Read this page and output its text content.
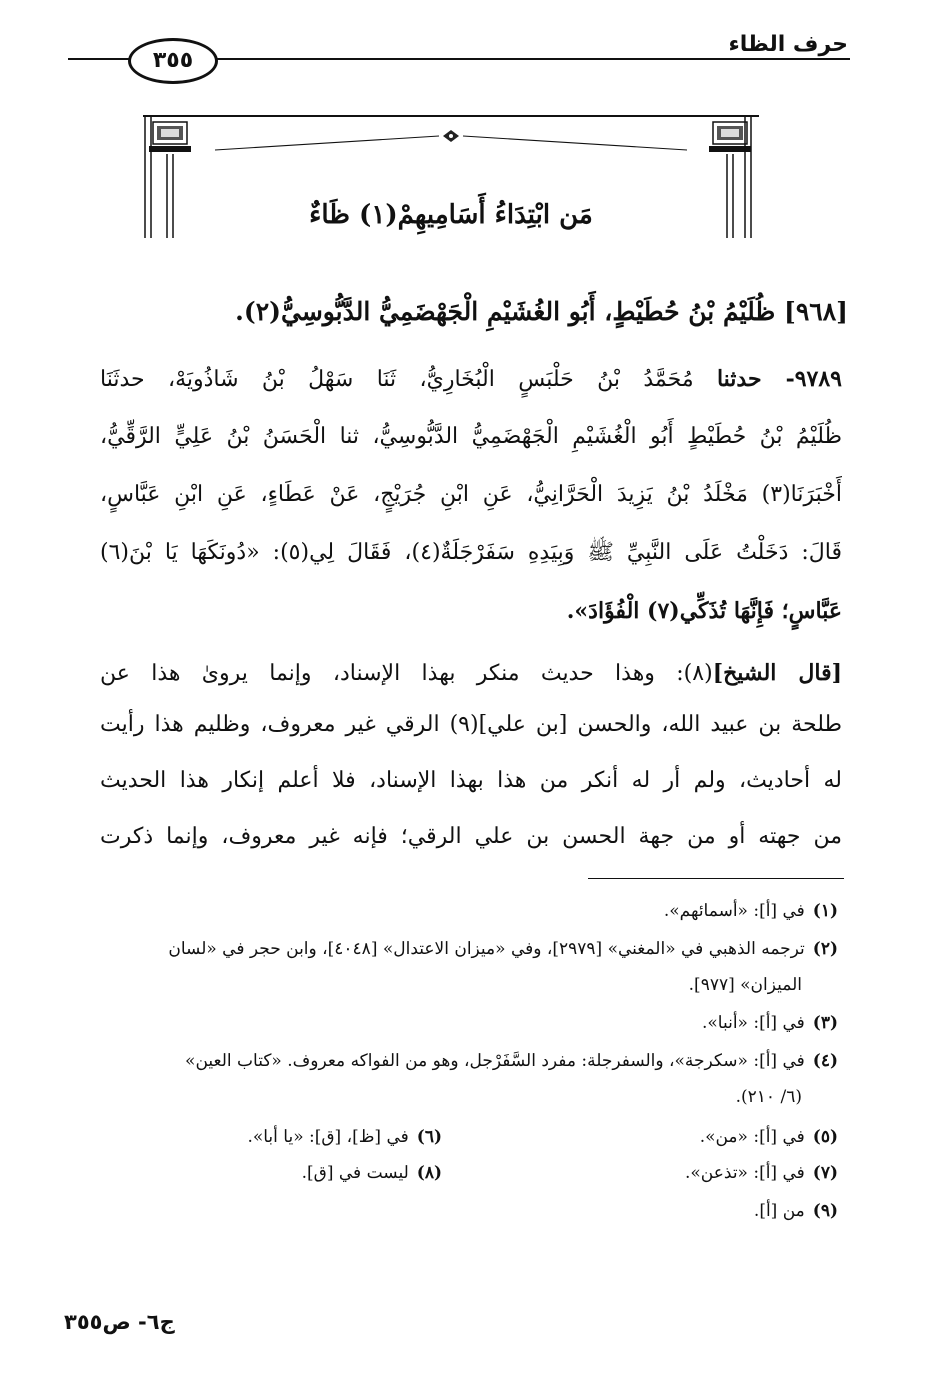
حرف الظاء
٣٥٥
مَن ابْتِدَاءُ أَسَامِيهِمْ(١) ظَاءٌ
[٩٦٨] ظُلَيْمُ بْنُ حُطَيْطٍ، أَبُو الغُشَيْمِ الْجَهْضَمِيُّ الدَّبُّوسِيُّ(٢).
٩٧٨٩- حدثنا مُحَمَّدُ بْنُ حَلْبَسٍ الْبُخَارِيُّ، ثَنَا سَهْلُ بْنُ شَاذُويَهْ، حدثَنَا
ظُلَيْمُ بْنُ حُطَيْطٍ أَبُو الْغُشَيْمِ الْجَهْضَمِيُّ الدَّبُّوسِيُّ، ثنا الْحَسَنُ بْنُ عَلِيٍّ الرَّقِّيُّ،
أَخْبَرَنَا(٣) مَخْلَدُ بْنُ يَزِيدَ الْحَرَّانِيُّ، عَنِ ابْنِ جُرَيْجٍ، عَنْ عَطَاءٍ، عَنِ ابْنِ عَبَّاسٍ،
قَالَ: دَخَلْتُ عَلَى النَّبِيِّ ﷺ وَبِيَدِهِ سَفَرْجَلَةٌ(٤)، فَقَالَ لِي(٥): «دُونَكَهَا يَا بْنَ(٦)
عَبَّاسٍ؛ فَإِنَّهَا تُذَكِّي(٧) الْفُؤَادَ».
[قال الشيخ](٨): وهذا حديث منكر بهذا الإسناد، وإنما يروىٰ هذا عن
طلحة بن عبيد الله، والحسن [بن علي](٩) الرقي غير معروف، وظليم هذا رأيت
له أحاديث، ولم أر له أنكر من هذا بهذا الإسناد، فلا أعلم إنكار هذا الحديث
من جهته أو من جهة الحسن بن علي الرقي؛ فإنه غير معروف، وإنما ذكرت
(١)في [أ]: «أسمائهم».
(٢)ترجمه الذهبي في «المغني» [٢٩٧٩]، وفي «ميزان الاعتدال» [٤٠٤٨]، وابن حجر في «لسان
الميزان» [٩٧٧].
(٣)في [أ]: «أنبا».
(٤)في [أ]: «سكرجة»، والسفرجلة: مفرد السَّفَرْجل، وهو من الفواكه معروف. «كتاب العين»
(٦/ ٢١٠).
(٥)في [أ]: «من».
(٦)في [ظ]، [ق]: «يا أبا».
(٧)في [أ]: «تذعن».
(٨)ليست في [ق].
(٩)من [أ].
ج٦- ص٣٥٥
